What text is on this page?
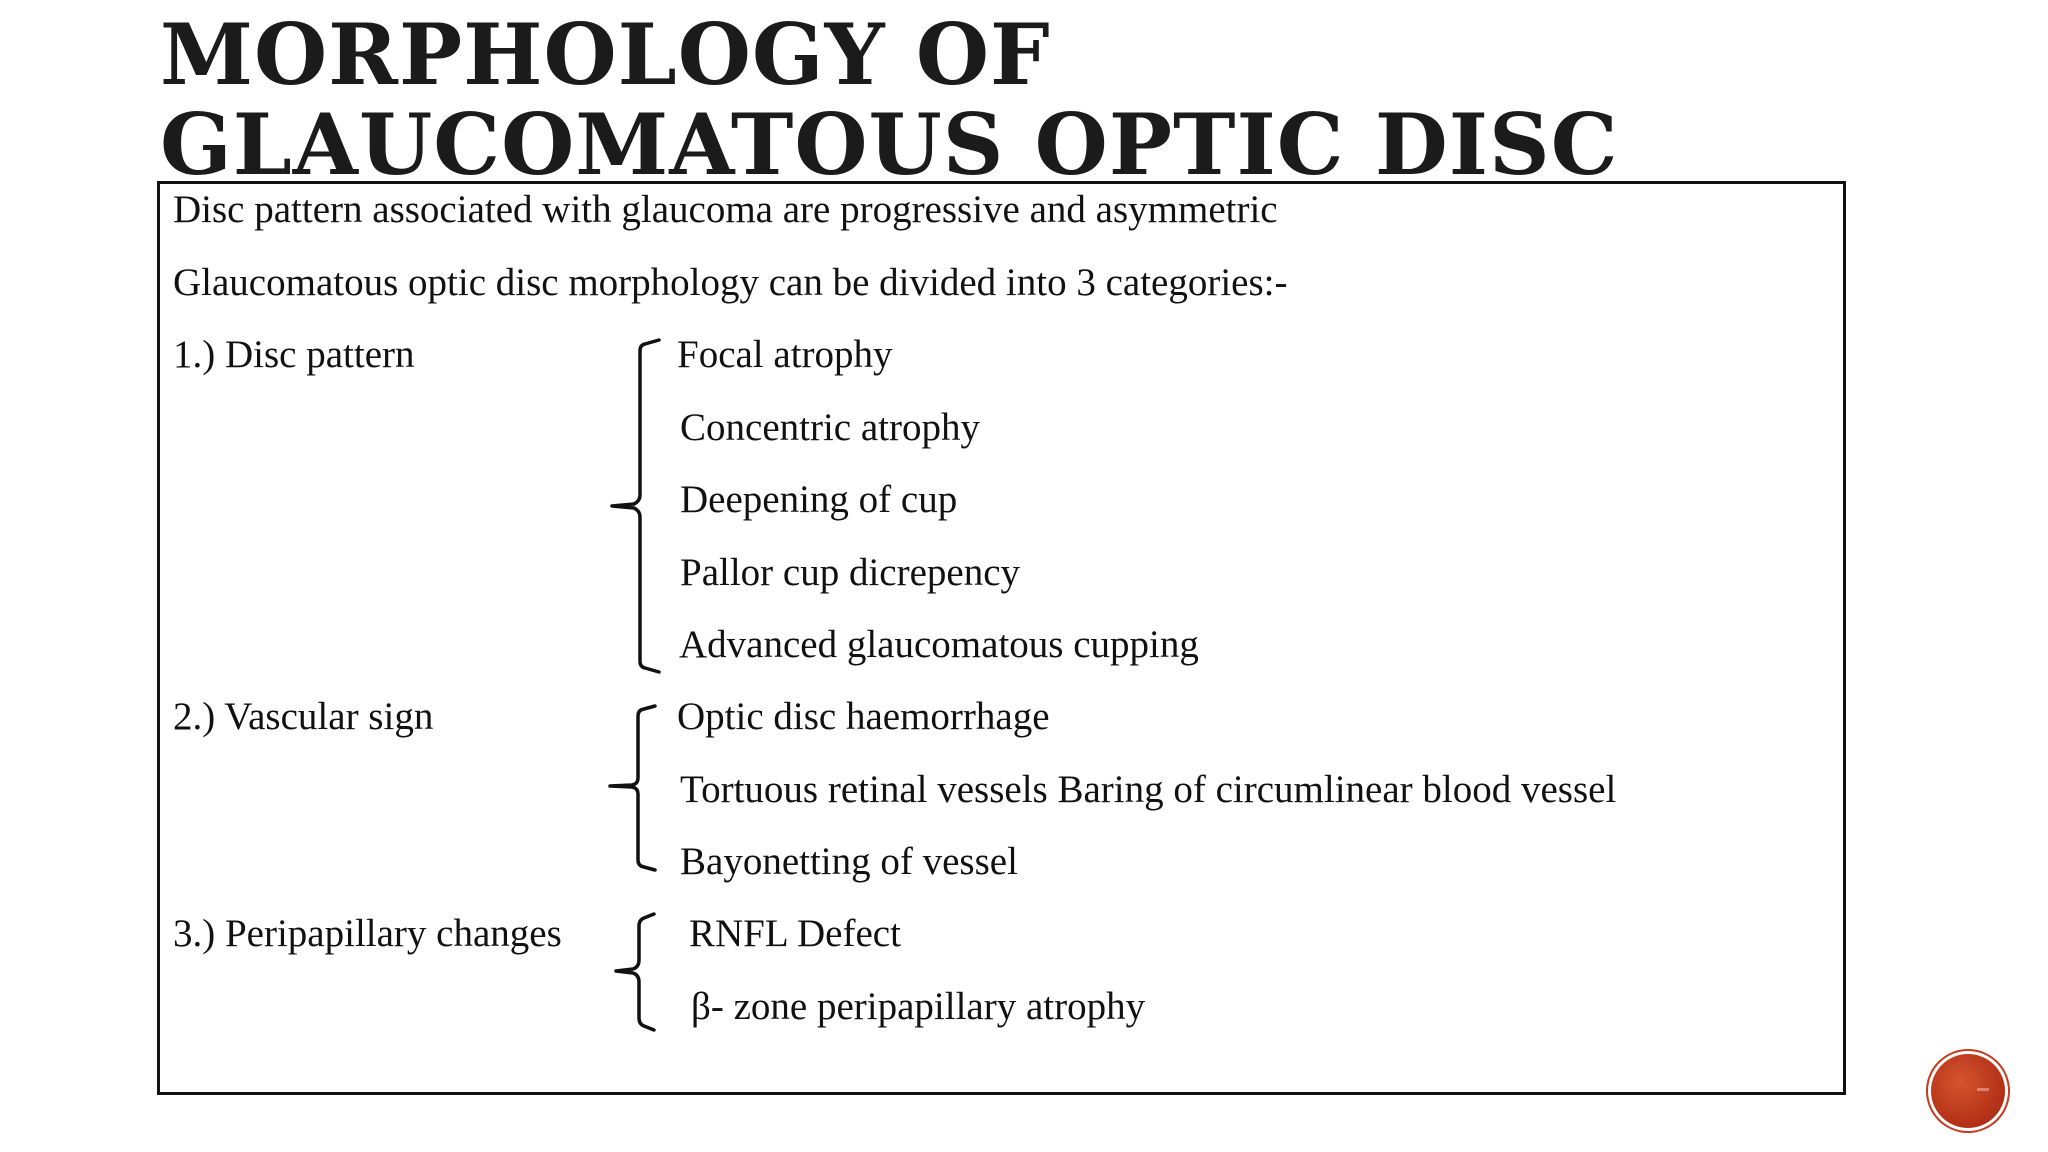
MORPHOLOGY OF GLAUCOMATOUS OPTIC DISC
Disc pattern associated with glaucoma are progressive and asymmetric
Glaucomatous optic disc morphology can be divided into 3 categories:-
1.) Disc pattern
2.) Vascular sign
3.) Peripapillary changes
Focal atrophy
Concentric atrophy
Deepening of cup
Pallor cup dicrepency
Advanced glaucomatous cupping
Optic disc haemorrhage
Tortuous retinal vessels Baring of circumlinear blood vessel
Bayonetting of vessel
RNFL Defect
β- zone peripapillary atrophy
